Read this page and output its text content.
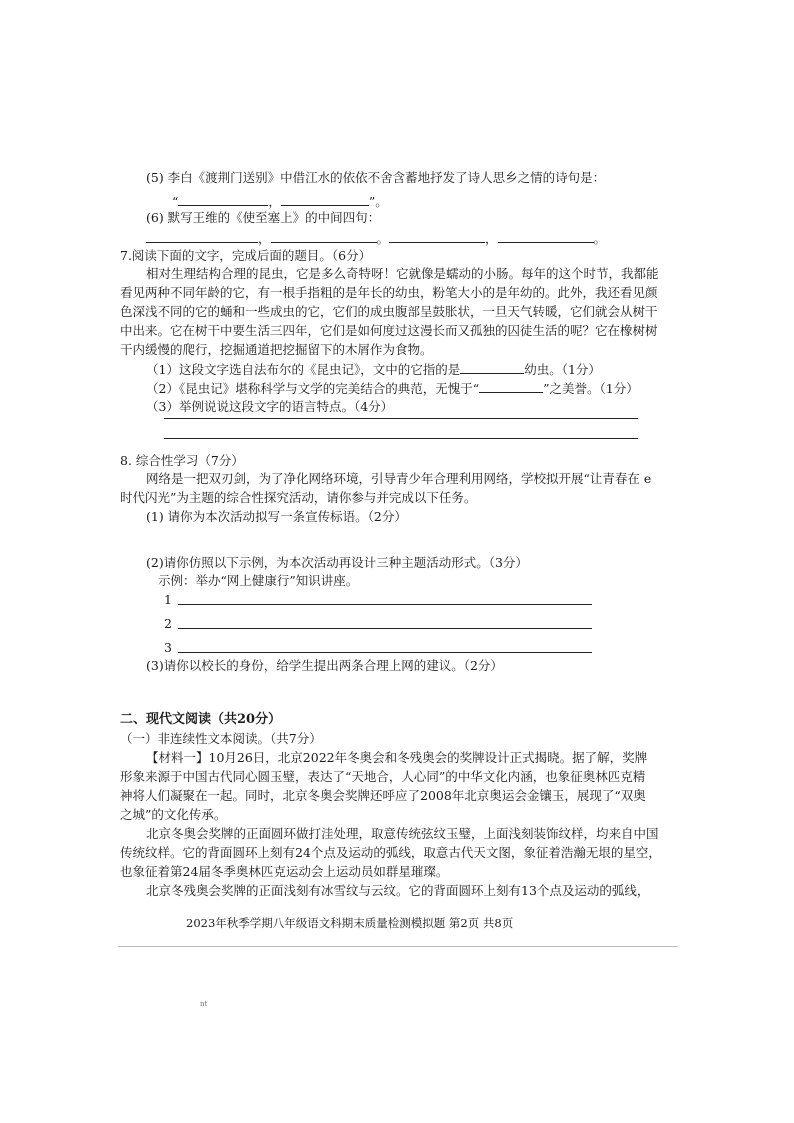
(5) 李白《渡荆门送别》中借江水的依依不舍含蓄地抒发了诗人思乡之情的诗句是：
“	，	”。
(6) 默写王维的《使至塞上》的中间四句：
，	。	，	。
7.阅读下面的文字，完成后面的题目。（6分）
相对生理结构合理的昆虫，它是多么奇特呀！它就像是蠕动的小肠。每年的这个时节，我都能
看见两种不同年龄的它，有一根手指粗的是年长的幼虫，粉笔大小的是年幼的。此外，我还看见颜
色深浅不同的它的蛹和一些成虫的它，它们的成虫腹部呈鼓胀状，一旦天气转暖，它们就会从树干
中出来。它在树干中要生活三四年，它们是如何度过这漫长而又孤独的囚徒生活的呢？它在橡树树
干内缓慢的爬行，挖掘通道把挖掘留下的木屑作为食物。
（1）这段文字选自法布尔的《昆虫记》，文中的它指的是	幼虫。（1分）
（2）《昆虫记》堪称科学与文学的完美结合的典范，无愧于“	”之美誉。（1分）
（3）举例说说这段文字的语言特点。（4分）
8. 综合性学习（7分）
网络是一把双刃剑，为了净化网络环境，引导青少年合理利用网络，学校拟开展“让青春在 e
时代闪光”为主题的综合性探究活动，请你参与并完成以下任务。
(1) 请你为本次活动拟写一条宣传标语。（2分）
(2)请你仿照以下示例，为本次活动再设计三种主题活动形式。（3分）
示例：举办“网上健康行”知识讲座。
1
2
3
(3)请你以校长的身份，给学生提出两条合理上网的建议。（2分）
二、现代文阅读（共20分）
（一）非连续性文本阅读。（共7分）
【材料一】10月26日，北京2022年冬奥会和冬残奥会的奖牌设计正式揭晓。据了解，奖牌
形象来源于中国古代同心圆玉璧，表达了“天地合，人心同”的中华文化内涵，也象征奥林匹克精
神将人们凝聚在一起。同时，北京冬奥会奖牌还呼应了2008年北京奥运会金镶玉，展现了“双奥
之城”的文化传承。
北京冬奥会奖牌的正面圆环做打洼处理，取意传统弦纹玉璧，上面浅刻装饰纹样，均来自中国
传统纹样。它的背面圆环上刻有24个点及运动的弧线，取意古代天文图，象征着浩瀚无垠的星空，
也象征着第24届冬季奥林匹克运动会上运动员如群星璀璨。
北京冬残奥会奖牌的正面浅刻有冰雪纹与云纹。它的背面圆环上刻有13个点及运动的弧线，
2023年秋季学期八年级语文科期末质量检测模拟题 第2页 共8页
nt
